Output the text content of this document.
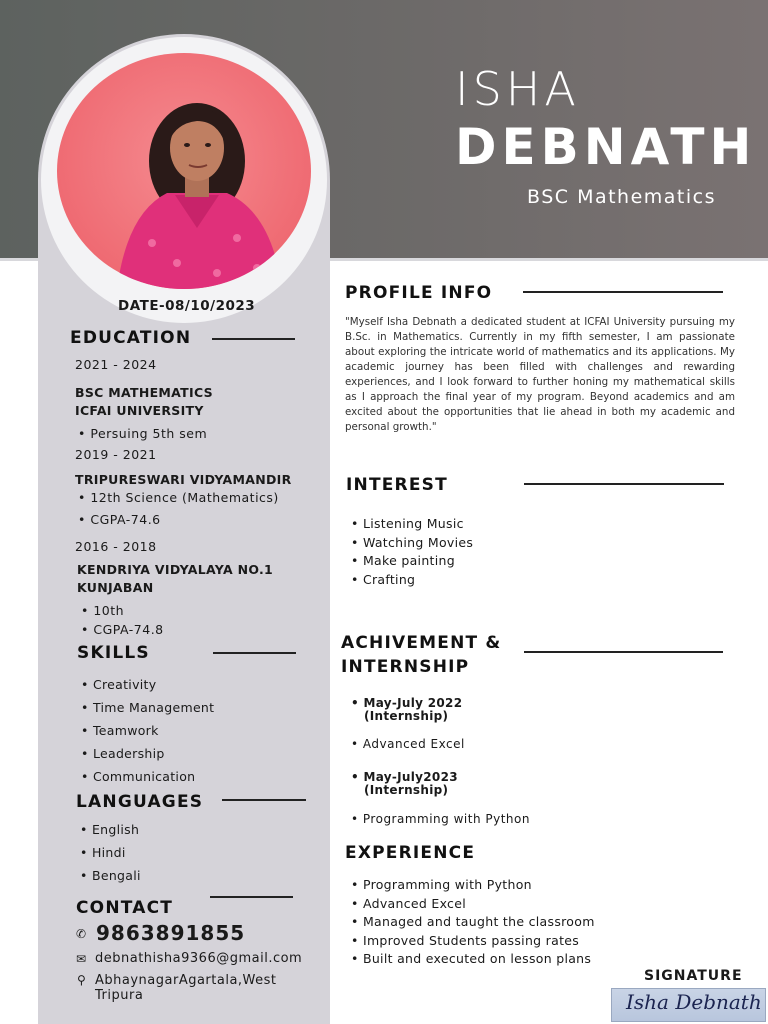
ISHA
DEBNATH
BSC Mathematics
DATE-08/10/2023
EDUCATION
2021 - 2024
BSC MATHEMATICS
ICFAI UNIVERSITY
• Persuing 5th sem
2019 - 2021
TRIPURESWARI VIDYAMANDIR
• 12th Science (Mathematics)
• CGPA-74.6
2016 - 2018
KENDRIYA VIDYALAYA NO.1
KUNJABAN
• 10th
• CGPA-74.8
SKILLS
• Creativity
• Time Management
• Teamwork
• Leadership
• Communication
LANGUAGES
• English
• Hindi
• Bengali
CONTACT
✆ 9863891855
✉ debnathisha9366@gmail.com
⚲ AbhaynagarAgartala,West Tripura
PROFILE INFO
"Myself Isha Debnath a dedicated student at ICFAI University pursuing my B.Sc. in Mathematics. Currently in my fifth semester, I am passionate about exploring the intricate world of mathematics and its applications. My academic journey has been filled with challenges and rewarding experiences, and I look forward to further honing my mathematical skills as I approach the final year of my program. Beyond academics and am excited about the opportunities that lie ahead in both my academic and personal growth."
INTEREST
• Listening Music
• Watching Movies
• Make painting
• Crafting
ACHIVEMENT &
INTERNSHIP
• May-July 2022
(Internship)
• Advanced Excel
• May-July2023
(Internship)
• Programming with Python
EXPERIENCE
• Programming with Python
• Advanced Excel
• Managed and taught the classroom
• Improved Students passing rates
• Built and executed on lesson plans
SIGNATURE
Isha Debnath
